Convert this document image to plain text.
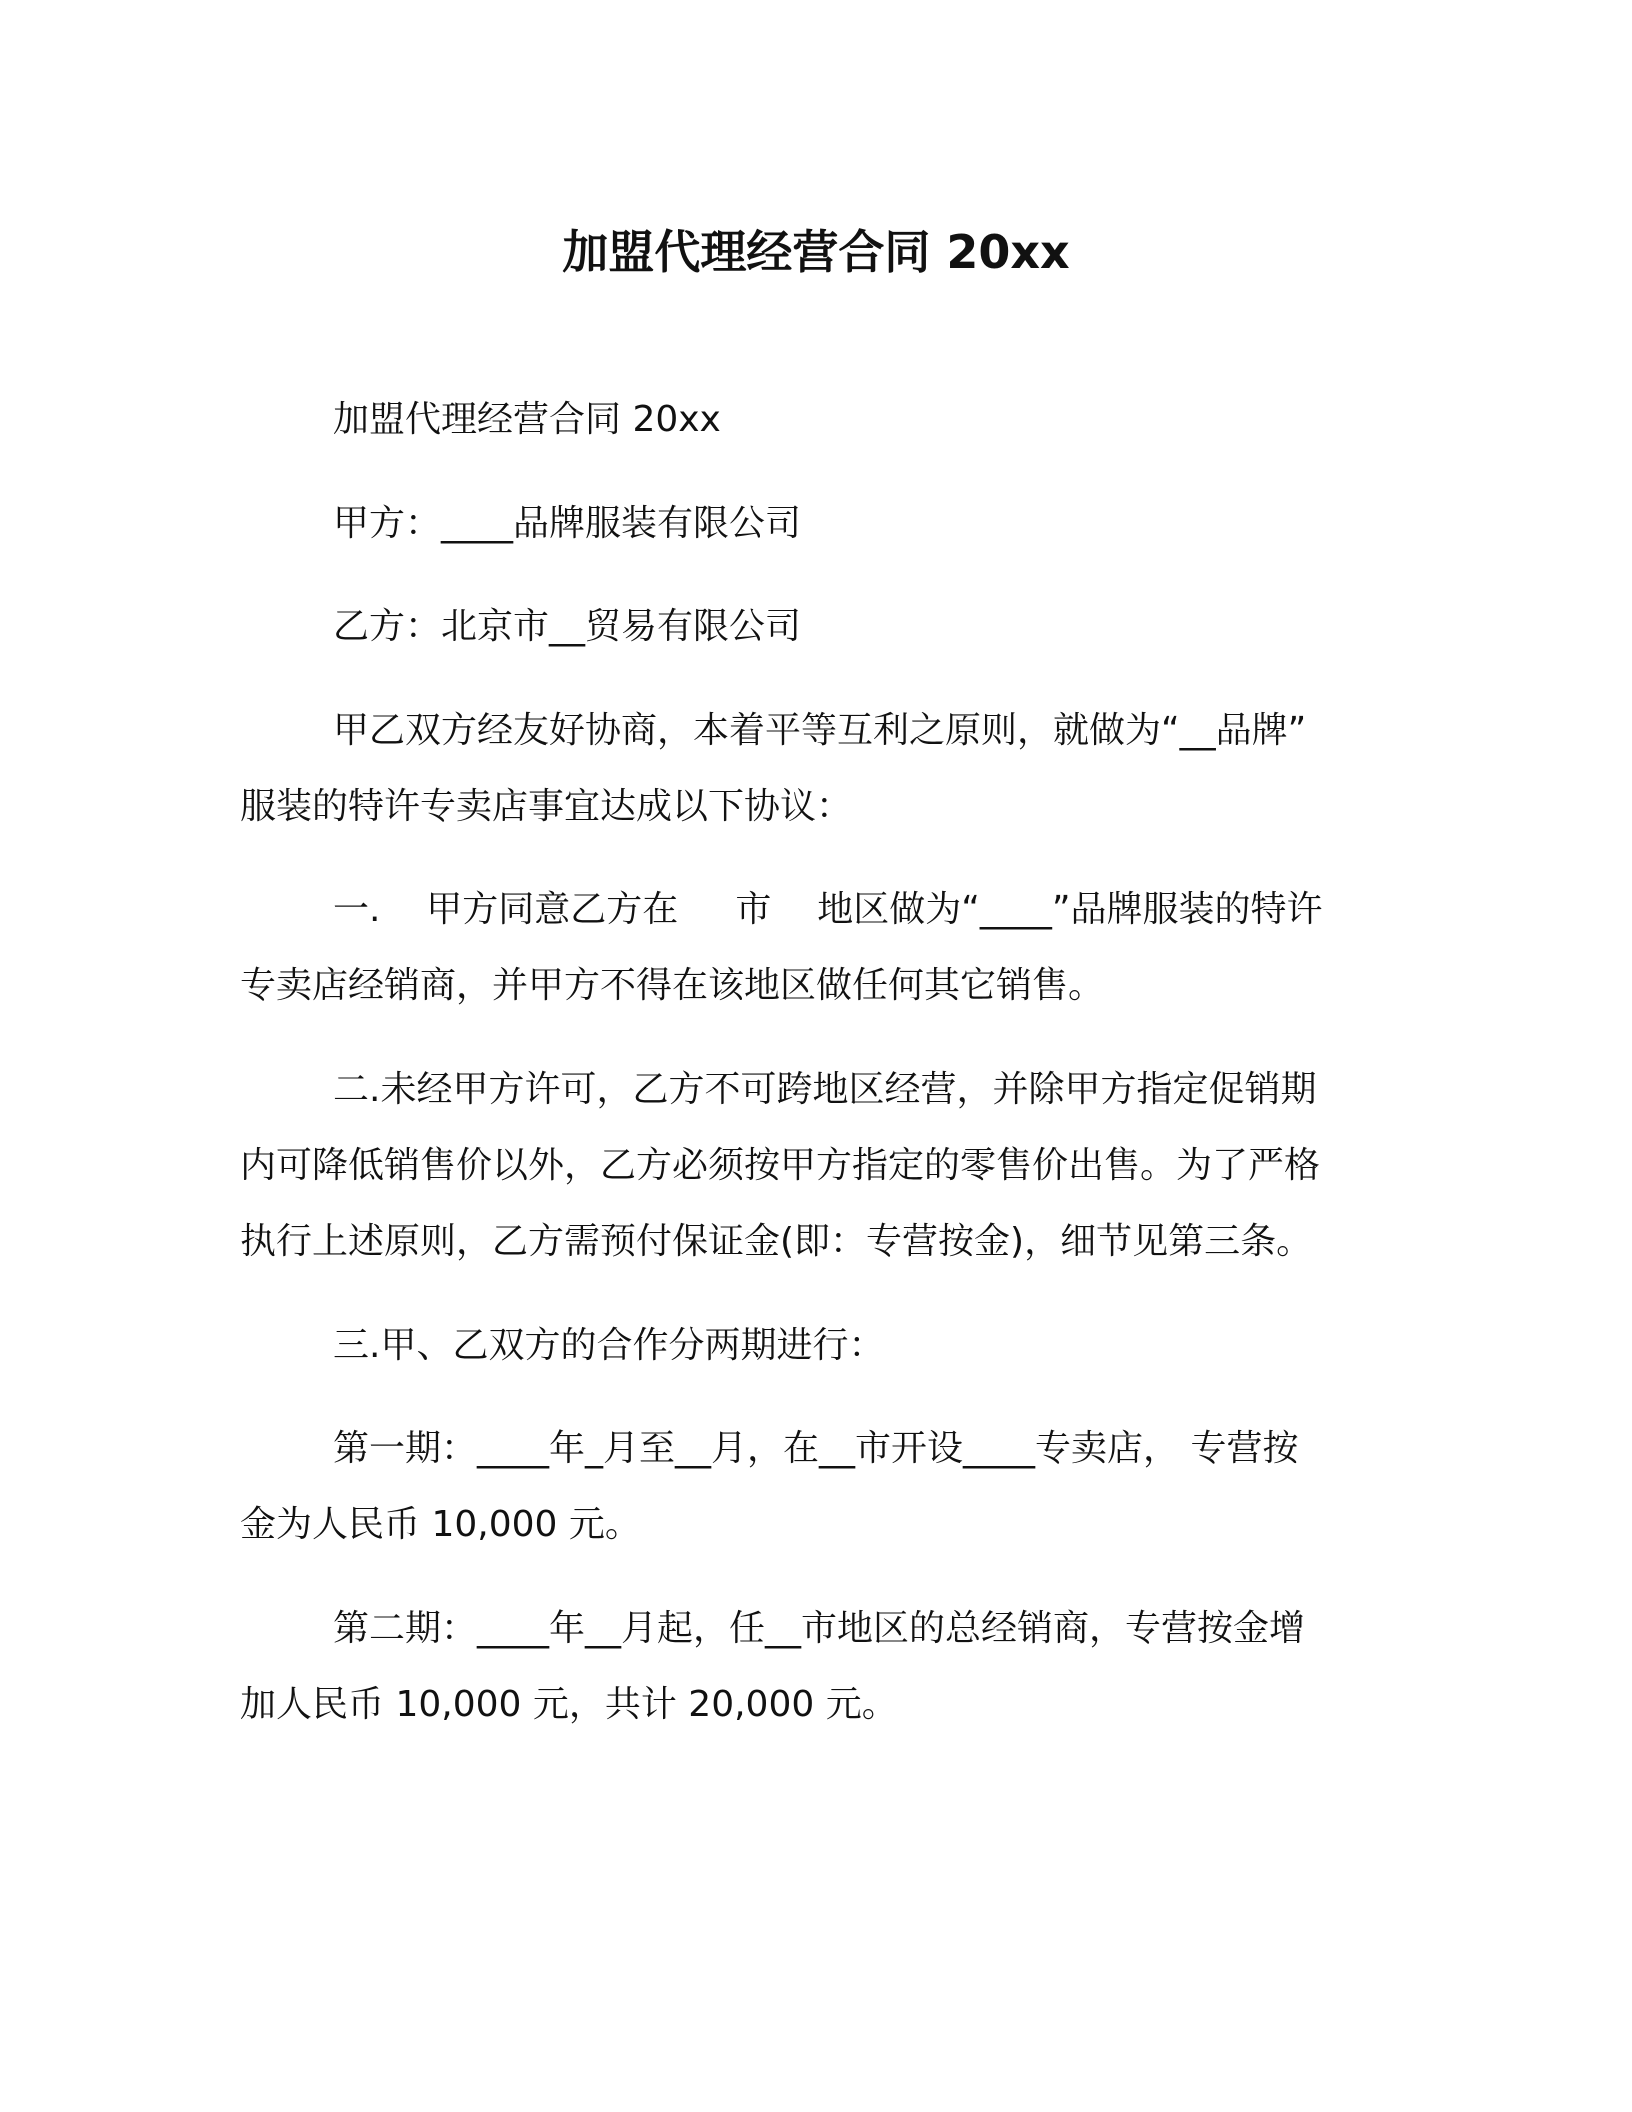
加盟代理经营合同 20xx
加盟代理经营合同 20xx
甲方：____品牌服装有限公司
乙方：北京市__贸易有限公司
甲乙双方经友好协商，本着平等互利之原则，就做为“__品牌”
服装的特许专卖店事宜达成以下协议：
一.    甲方同意乙方在     市    地区做为“____”品牌服装的特许
专卖店经销商，并甲方不得在该地区做任何其它销售。
二.未经甲方许可，乙方不可跨地区经营，并除甲方指定促销期
内可降低销售价以外，乙方必须按甲方指定的零售价出售。为了严格
执行上述原则，乙方需预付保证金(即：专营按金)，细节见第三条。
三.甲、乙双方的合作分两期进行：
第一期：____年_月至__月，在__市开设____专卖店， 专营按
金为人民币 10,000 元。
第二期：____年__月起，任__市地区的总经销商，专营按金增
加人民币 10,000 元，共计 20,000 元。
